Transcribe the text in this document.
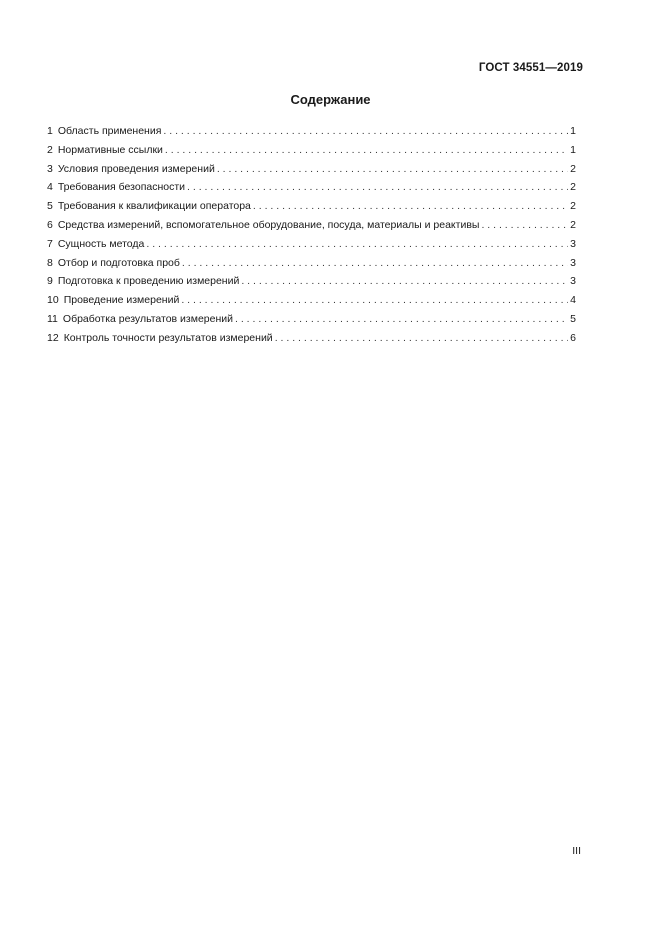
ГОСТ 34551—2019
Содержание
1 Область применения . . .	1
2 Нормативные ссылки . . .	1
3 Условия проведения измерений . . .	2
4 Требования безопасности . . .	2
5 Требования к квалификации оператора . . .	2
6 Средства измерений, вспомогательное оборудование, посуда, материалы и реактивы . . .	2
7 Сущность метода . . .	3
8 Отбор и подготовка проб . . .	3
9 Подготовка к проведению измерений . . .	3
10 Проведение измерений . . .	4
11 Обработка результатов измерений . . .	5
12 Контроль точности результатов измерений . . .	6
III
